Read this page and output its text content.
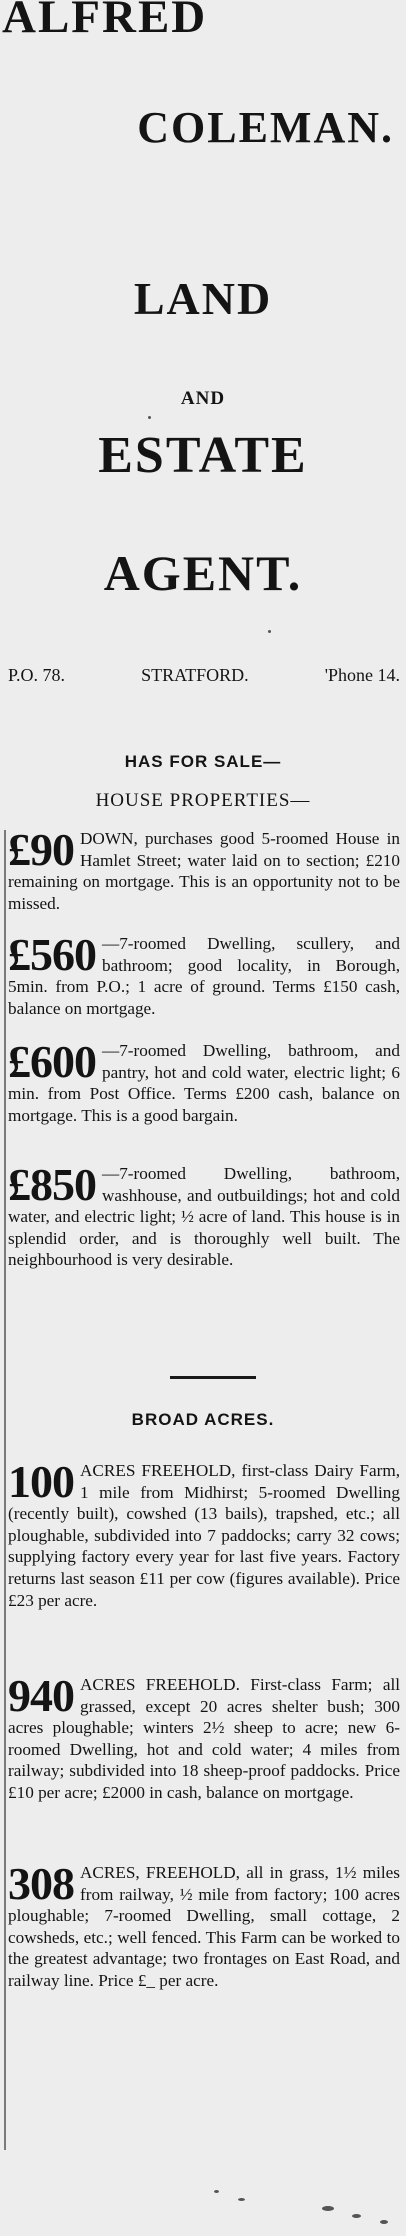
ALFRED
COLEMAN.
LAND
AND
ESTATE
AGENT.
P.O. 78.	STRATFORD.	'Phone 14.
HAS FOR SALE—
HOUSE PROPERTIES—
£90 DOWN, purchases good 5-roomed House in Hamlet Street; water laid on to section; £210 remaining on mortgage. This is an opportunity not to be missed.
£560 —7-roomed Dwelling, scullery, and bathroom; good locality, in Borough, 5min. from P.O.; 1 acre of ground. Terms £150 cash, balance on mortgage.
£600 —7-roomed Dwelling, bathroom, and pantry, hot and cold water, electric light; 6 min. from Post Office. Terms £200 cash, balance on mortgage. This is a good bargain.
£850 —7-roomed Dwelling, bathroom, washhouse, and outbuildings; hot and cold water, and electric light; ½ acre of land. This house is in splendid order, and is thoroughly well built. The neighbourhood is very desirable.
BROAD ACRES.
100 ACRES FREEHOLD, first-class Dairy Farm, 1 mile from Midhirst; 5-roomed Dwelling (recently built), cowshed (13 bails), trapshed, etc.; all ploughable, subdivided into 7 paddocks; carry 32 cows; supplying factory every year for last five years. Factory returns last season £11 per cow (figures available). Price £23 per acre.
940 ACRES FREEHOLD. First-class Farm; all grassed, except 20 acres shelter bush; 300 acres ploughable; winters 2½ sheep to acre; new 6-roomed Dwelling, hot and cold water; 4 miles from railway; subdivided into 18 sheep-proof paddocks. Price £10 per acre; £2000 in cash, balance on mortgage.
308 ACRES, FREEHOLD, all in grass, 1½ miles from railway, ½ mile from factory; 100 acres ploughable; 7-roomed Dwelling, small cottage, 2 cowsheds, etc.; well fenced. This Farm can be worked to the greatest advantage; two frontages on East Road, and railway line. Price £_ per acre.
